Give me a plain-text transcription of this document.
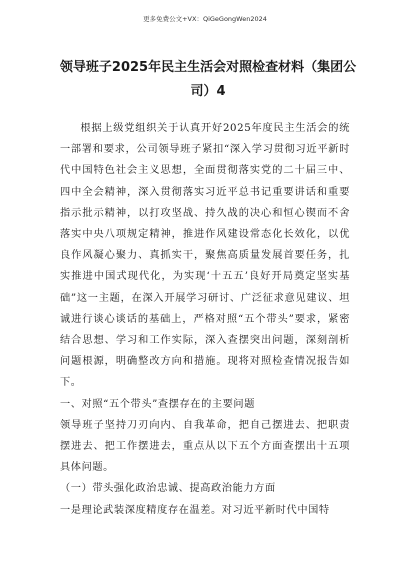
更多免费公文+VX：QiGeGongWen2024
领导班子2025年民主生活会对照检查材料（集团公司）4

根据上级党组织关于认真开好2025年度民主生活会的统一部署和要求，公司领导班子紧扣“深入学习贯彻习近平新时代中国特色社会主义思想，全面贯彻落实党的二十届三中、四中全会精神，深入贯彻落实习近平总书记重要讲话和重要指示批示精神，以打攻坚战、持久战的决心和恒心锲而不舍落实中央八项规定精神，推进作风建设常态化长效化，以优良作风凝心聚力、真抓实干，聚焦高质量发展首要任务，扎实推进中国式现代化，为实现‘十五五’良好开局奠定坚实基础”这一主题，在深入开展学习研讨、广泛征求意见建议、坦诚进行谈心谈话的基础上，严格对照“五个带头”要求，紧密结合思想、学习和工作实际，深入查摆突出问题，深刻剖析问题根源，明确整改方向和措施。现将对照检查情况报告如下。

一、对照“五个带头”查摆存在的主要问题

领导班子坚持刀刃向内、自我革命，把自己摆进去、把职责摆进去、把工作摆进去，重点从以下五个方面查摆出十五项具体问题。

（一）带头强化政治忠诚、提高政治能力方面

一是理论武装深度精度存在温差。对习近平新时代中国特
